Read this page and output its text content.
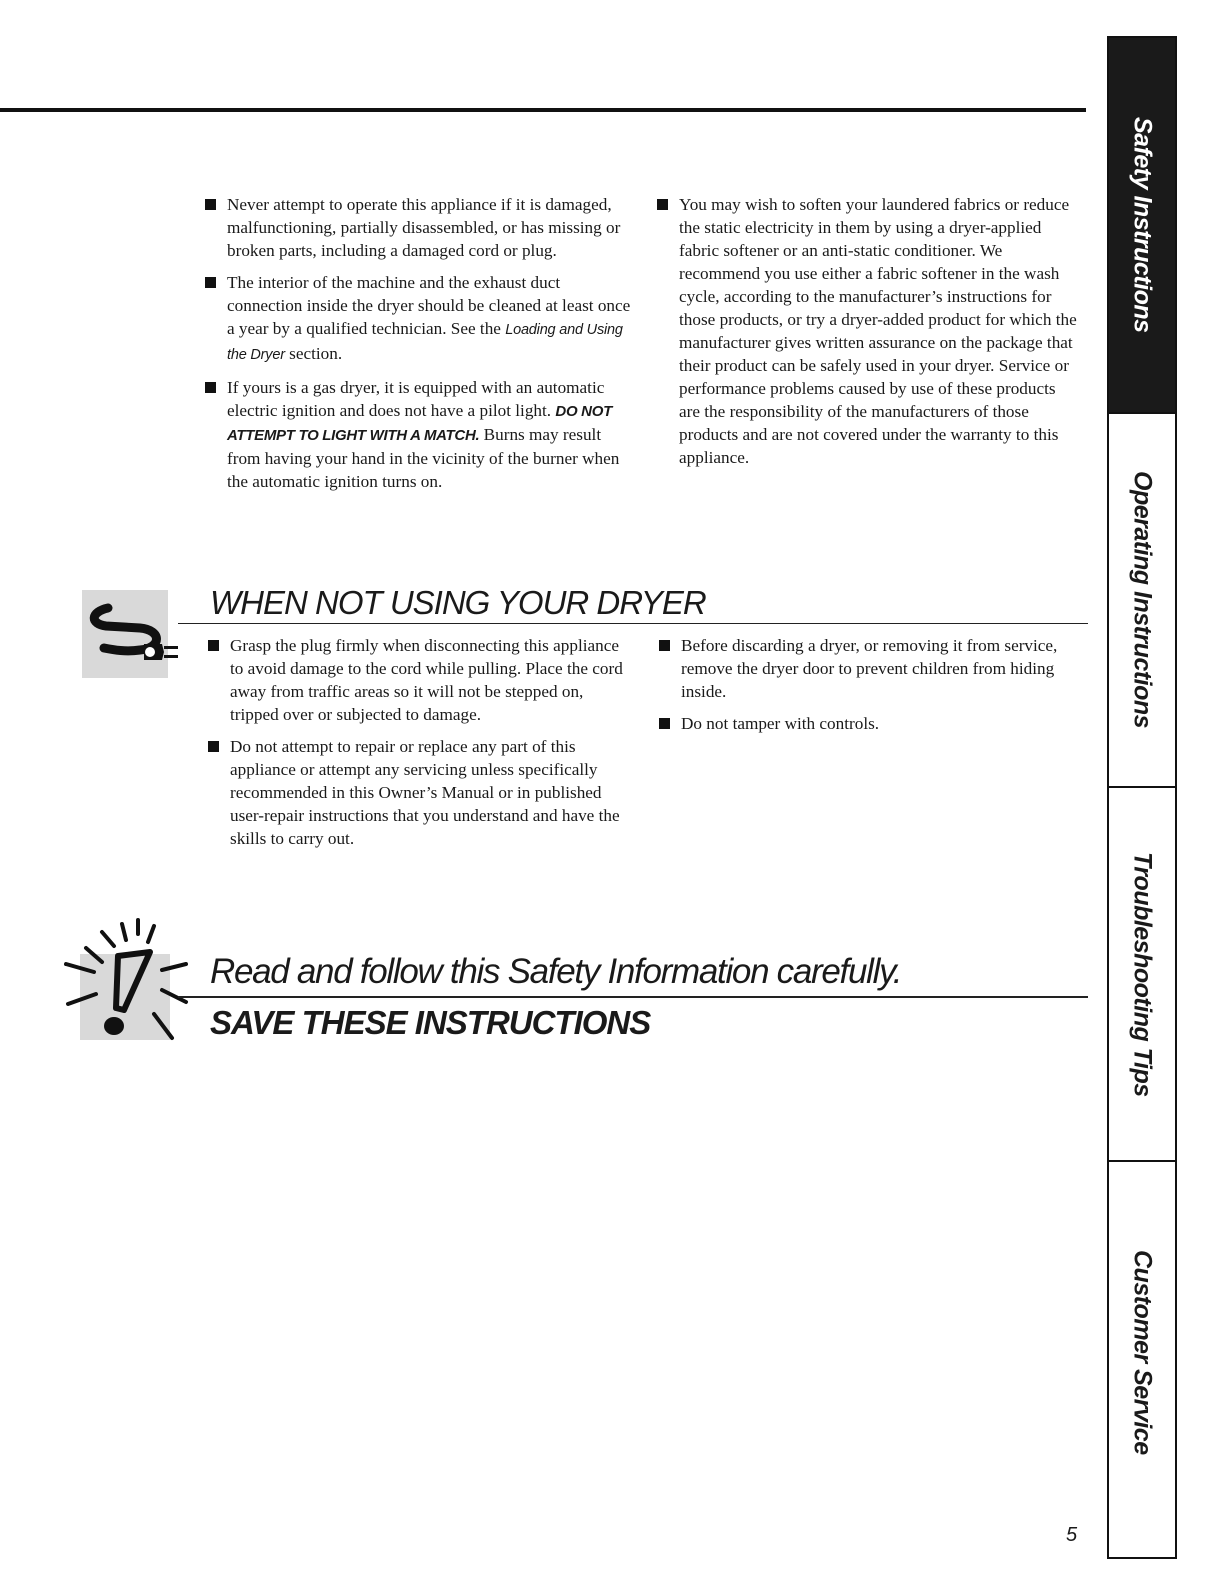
Never attempt to operate this appliance if it is damaged, malfunctioning, partially disassembled, or has missing or broken parts, including a damaged cord or plug.

The interior of the machine and the exhaust duct connection inside the dryer should be cleaned at least once a year by a qualified technician. See the Loading and Using the Dryer section.

If yours is a gas dryer, it is equipped with an automatic electric ignition and does not have a pilot light. DO NOT ATTEMPT TO LIGHT WITH A MATCH. Burns may result from having your hand in the vicinity of the burner when the automatic ignition turns on.

You may wish to soften your laundered fabrics or reduce the static electricity in them by using a dryer-applied fabric softener or an anti-static conditioner. We recommend you use either a fabric softener in the wash cycle, according to the manufacturer’s instructions for those products, or try a dryer-added product for which the manufacturer gives written assurance on the package that their product can be safely used in your dryer. Service or performance problems caused by use of these products are the responsibility of the manufacturers of those products and are not covered under the warranty to this appliance.

WHEN NOT USING YOUR DRYER

Grasp the plug firmly when disconnecting this appliance to avoid damage to the cord while pulling. Place the cord away from traffic areas so it will not be stepped on, tripped over or subjected to damage.

Do not attempt to repair or replace any part of this appliance or attempt any servicing unless specifically recommended in this Owner’s Manual or in published user-repair instructions that you understand and have the skills to carry out.

Before discarding a dryer, or removing it from service, remove the dryer door to prevent children from hiding inside.

Do not tamper with controls.

Read and follow this Safety Information carefully.
SAVE THESE INSTRUCTIONS
Safety Instructions
Operating Instructions
Troubleshooting Tips
Customer Service
5
